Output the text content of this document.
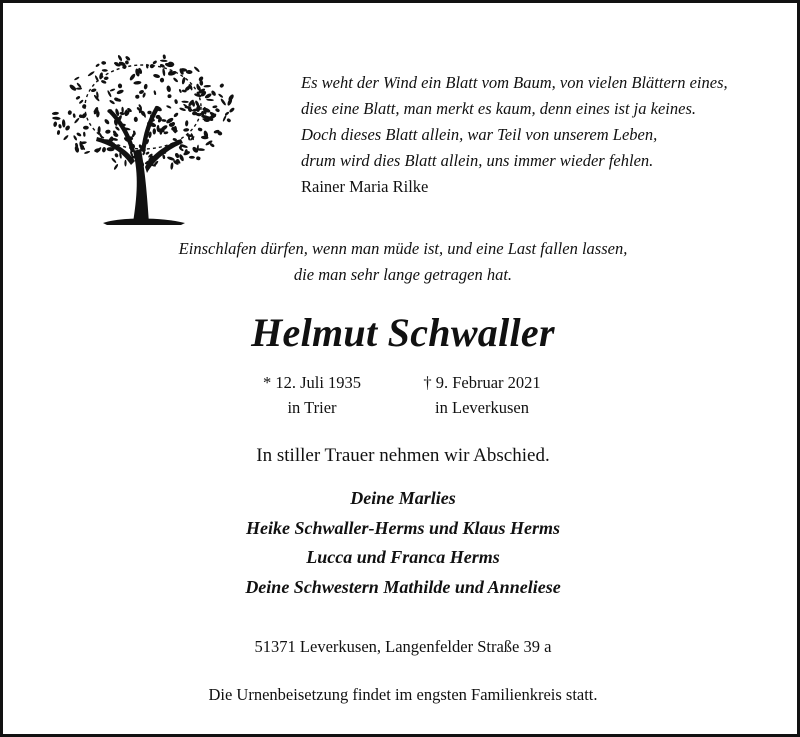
Es weht der Wind ein Blatt vom Baum, von vielen Blättern eines,
dies eine Blatt, man merkt es kaum, denn eines ist ja keines.
Doch dieses Blatt allein, war Teil von unserem Leben,
drum wird dies Blatt allein, uns immer wieder fehlen.
Rainer Maria Rilke
Einschlafen dürfen, wenn man müde ist, und eine Last fallen lassen,
die man sehr lange getragen hat.
Helmut Schwaller
* 12. Juli 1935
in Trier
† 9. Februar 2021
in Leverkusen
In stiller Trauer nehmen wir Abschied.
Deine Marlies
Heike Schwaller-Herms und Klaus Herms
Lucca und Franca Herms
Deine Schwestern Mathilde und Anneliese
51371 Leverkusen, Langenfelder Straße 39 a
Die Urnenbeisetzung findet im engsten Familienkreis statt.
